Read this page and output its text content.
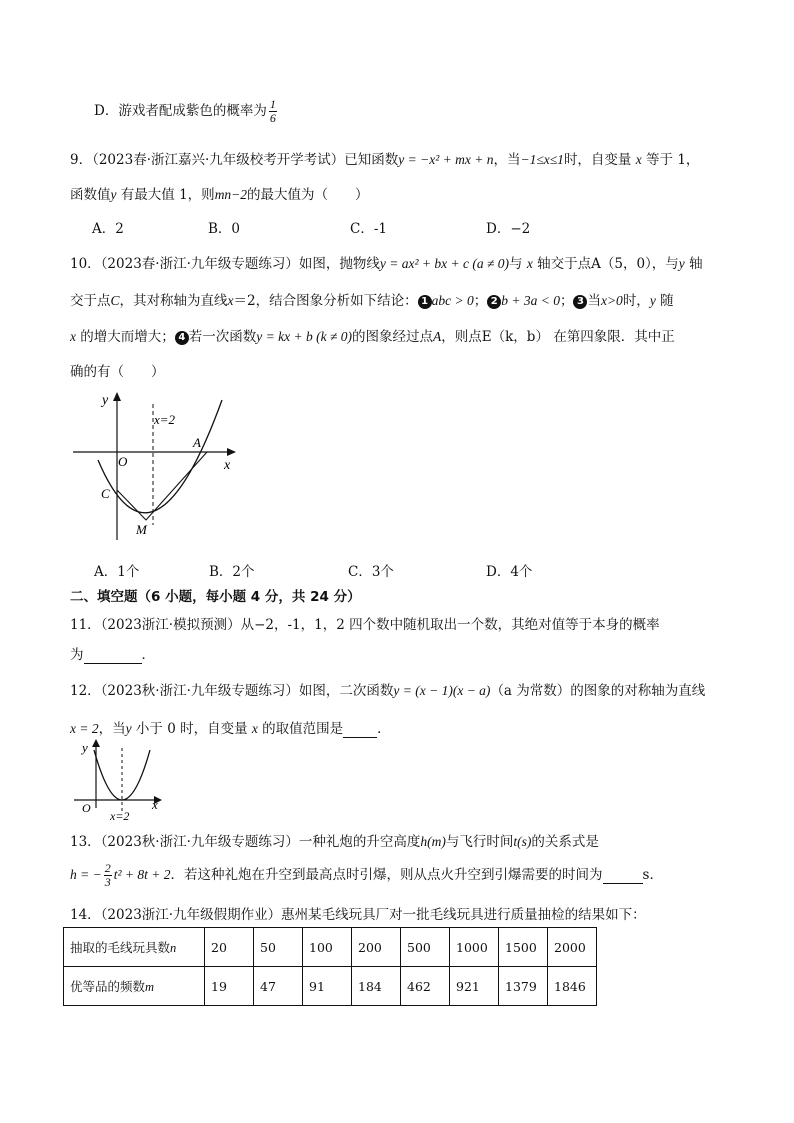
D．游戏者配成紫色的概率为 $\frac{1}{6}$
9．（2023春·浙江嘉兴·九年级校考开学考试）已知函数y = −x² + mx + n，当−1≤x≤1时，自变量 x 等于 1，
函数值y 有最大值 1，则mn−2的最大值为（　　）
A．2	B．0	C．-1	D．−2
10．（2023春·浙江·九年级专题练习）如图，抛物线y = ax² + bx + c (a ≠ 0)与 x 轴交于点A（5，0），与y 轴
交于点C，其对称轴为直线x＝2，结合图象分析如下结论： 1 abc > 0； 2 b + 3a < 0； 3 当x>0时，y 随
x 的增大而增大； 4 若一次函数y = kx + b (k ≠ 0)的图象经过点A，则点E（k，b） 在第四象限．其中正
确的有（　　）
y
x
x=2
O
A
C
M
A．1个	B．2个	C．3个	D．4个
二、填空题（6 小题，每小题 4 分，共 24 分）
11．（2023浙江·模拟预测）从−2，-1，1，2 四个数中随机取出一个数，其绝对值等于本身的概率
为	．
12．（2023秋·浙江·九年级专题练习）如图，二次函数y = (x − 1)(x − a)（a 为常数）的图象的对称轴为直线
x = 2，当y 小于 0 时，自变量 x 的取值范围是	．
y
x
O
x=2
13．（2023秋·浙江·九年级专题练习）一种礼炮的升空高度h(m)与飞行时间t(s)的关系式是
h = − $\frac{2}{3} t^2 + 8t + 2$．若这种礼炮在升空到最高点时引爆，则从点火升空到引爆需要的时间为	s．
14．（2023浙江·九年级假期作业）惠州某毛线玩具厂对一批毛线玩具进行质量抽检的结果如下：
抽取的毛线玩具数n	20	50	100	200	500	1000	1500	2000
优等品的频数m	19	47	91	184	462	921	1379	1846
